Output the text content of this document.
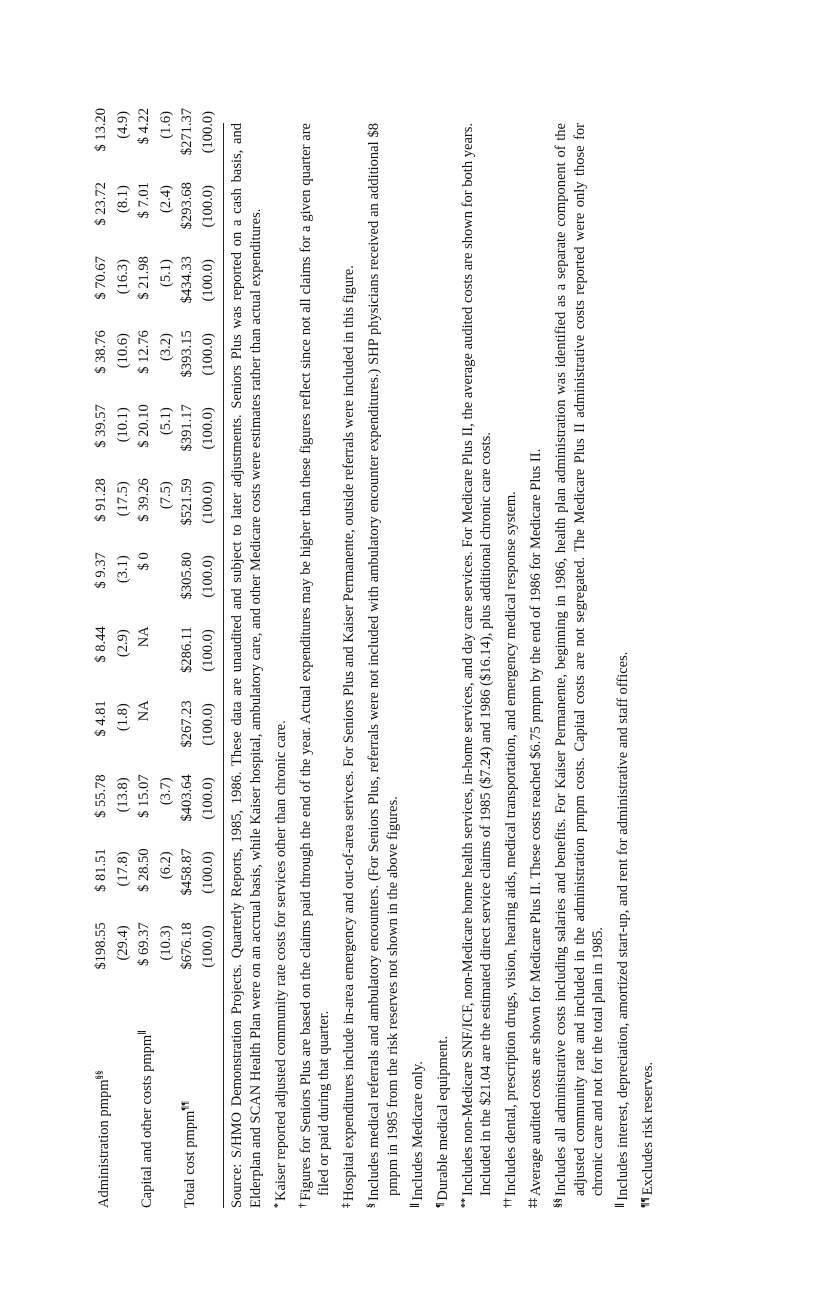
Administration pmpm§§	$198.55	$ 81.51	$ 55.78	$ 4.81	$ 8.44	$ 9.37	$ 91.28	$ 39.57	$ 38.76	$ 70.67	$ 23.72	$ 13.20
	(29.4)	(17.8)	(13.8)	(1.8)	(2.9)	(3.1)	(17.5)	(10.1)	(10.6)	(16.3)	(8.1)	(4.9)
Capital and other costs pmpm∥	$ 69.37	$ 28.50	$ 15.07	NA	NA	$ 0	$ 39.26	$ 20.10	$ 12.76	$ 21.98	$ 7.01	$ 4.22
	(10.3)	(6.2)	(3.7)				(7.5)	(5.1)	(3.2)	(5.1)	(2.4)	(1.6)
Total cost pmpm¶¶	$676.18	$458.87	$403.64	$267.23	$286.11	$305.80	$521.59	$391.17	$393.15	$434.33	$293.68	$271.37
	(100.0)	(100.0)	(100.0)	(100.0)	(100.0)	(100.0)	(100.0)	(100.0)	(100.0)	(100.0)	(100.0)	(100.0) Source: S/HMO Demonstration Projects. Quarterly Reports, 1985, 1986. These data are unaudited and subject to later adjustments. Seniors Plus was reported on a cash basis, and Elderplan and SCAN Health Plan were on an accrual basis, while Kaiser hospital, ambulatory care, and other Medicare costs were estimates rather than actual expenditures. *Kaiser reported adjusted community rate costs for services other than chronic care.

†Figures for Seniors Plus are based on the claims paid through the end of the year. Actual expenditures may be higher than these figures reflect since not all claims for a given quarter are filed or paid during that quarter.

‡Hospital expenditures include in-area emergency and out-of-area serivces. For Seniors Plus and Kaiser Permanente, outside referrals were included in this figure.

§Includes medical referrals and ambulatory encounters. (For Seniors Plus, referrals were not included with ambulatory encounter expenditures.) SHP physicians received an additional $8 pmpm in 1985 from the risk reserves not shown in the above figures.

∥Includes Medicare only.

¶Durable medical equipment.

**Includes non-Medicare SNF/ICF, non-Medicare home health services, in-home services, and day care services. For Medicare Plus II, the average audited costs are shown for both years. Included in the $21.04 are the estimated direct service claims of 1985 ($7.24) and 1986 ($16.14), plus additional chronic care costs.

††Includes dental, prescription drugs, vision, hearing aids, medical transportation, and emergency medical response system.

‡‡Average audited costs are shown for Medicare Plus II. These costs reached $6.75 pmpm by the end of 1986 for Medicare Plus II.

§§Includes all administrative costs including salaries and benefits. For Kaiser Permanente, beginning in 1986, health plan administration was identified as a separate component of the adjusted community rate and included in the administration pmpm costs. Capital costs are not segregated. The Medicare Plus II administrative costs reported were only those for chronic care and not for the total plan in 1985.

∥Includes interest, depreciation, amortized start-up, and rent for administrative and staff offices.

¶¶Excludes risk reserves.
